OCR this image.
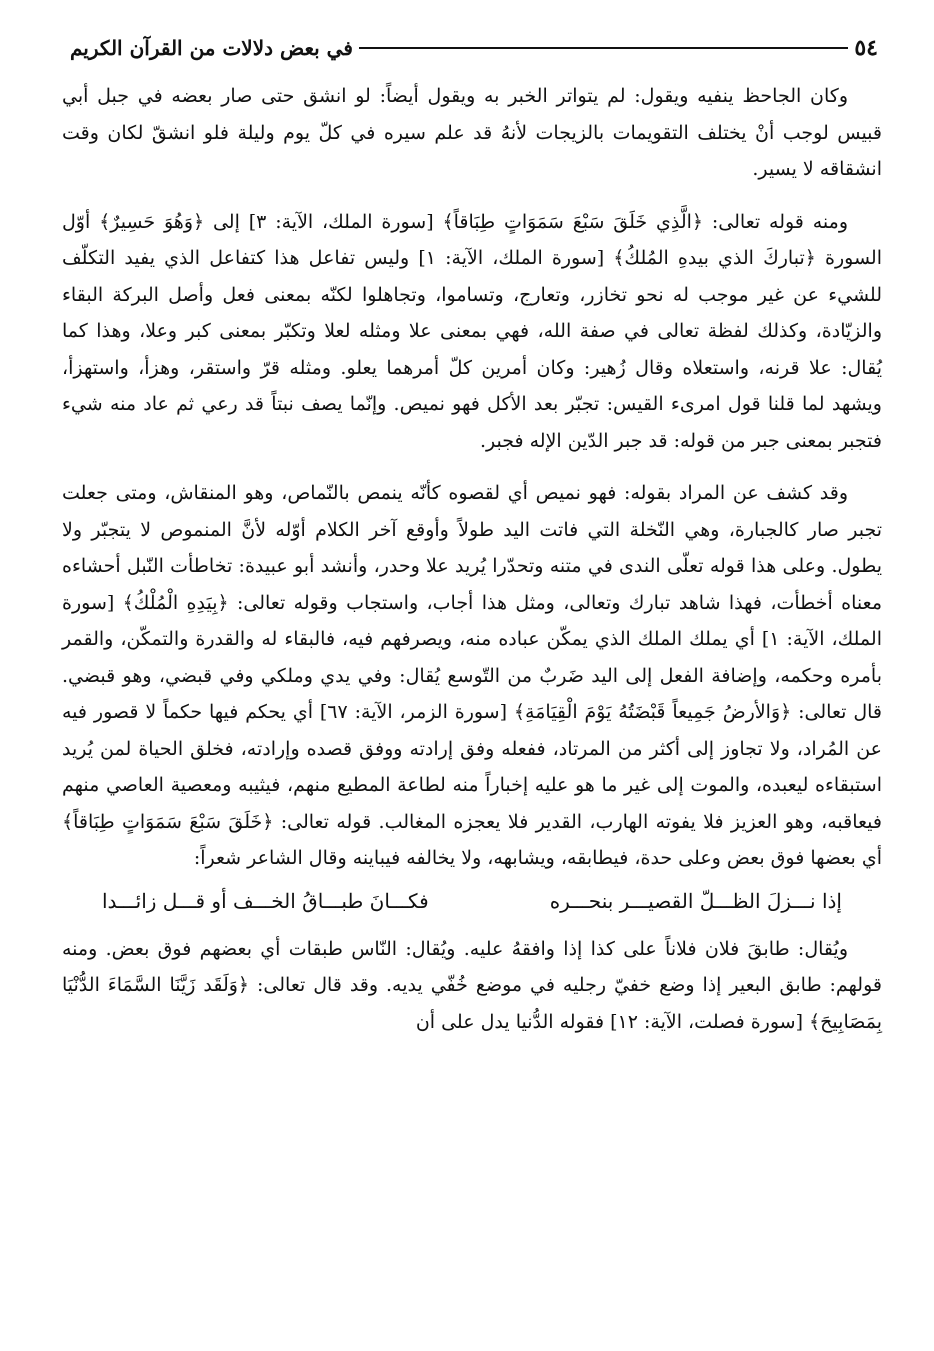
٥٤
في بعض دلالات من القرآن الكريم

وكان الجاحظ ينفيه ويقول: لم يتواتر الخبر به ويقول أيضاً: لو انشق حتى صار بعضه في جبل أبي قبيس لوجب أنْ يختلف التقويمات بالزيجات لأنهُ قد علم سيره في كلّ يوم وليلة فلو انشقّ لكان وقت انشقاقه لا يسير.

ومنه قوله تعالى: ﴿الَّذِي خَلَقَ سَبْعَ سَمَوَاتٍ طِبَاقاً﴾ [سورة الملك، الآية: ٣] إلى ﴿وَهُوَ حَسِيرٌ﴾ أوّل السورة ﴿تباركَ الذي بيدهِ المُلكُ﴾ [سورة الملك، الآية: ١] وليس تفاعل هذا كتفاعل الذي يفيد التكلّف للشيء عن غير موجب له نحو تخازر، وتعارج، وتساموا، وتجاهلوا لكنّه بمعنى فعل وأصل البركة البقاء والزيّادة، وكذلك لفظة تعالى في صفة الله، فهي بمعنى علا ومثله لعلا وتكبّر بمعنى كبر وعلا، وهذا كما يُقال: علا قرنه، واستعلاه وقال زُهير: وكان أمرين كلّ أمرهما يعلو. ومثله قرّ واستقر، وهزأ، واستهزأ، ويشهد لما قلنا قول امرىء القيس: تجبّر بعد الأكل فهو نميص. وإنّما يصف نبتاً قد رعي ثم عاد منه شيء فتجبر بمعنى جبر من قوله: قد جبر الدّين الإله فجبر.

وقد كشف عن المراد بقوله: فهو نميص أي لقصوه كأنّه ينمص بالنّماص، وهو المنقاش، ومتى جعلت تجبر صار كالجبارة، وهي النّخلة التي فاتت اليد طولاً وأوقع آخر الكلام أوّله لأنَّ المنموص لا يتجبّر ولا يطول. وعلى هذا قوله تعلّى الندى في متنه وتحدّرا يُريد علا وحدر، وأنشد أبو عبيدة: تخاطأت النّبل أحشاءه معناه أخطأت، فهذا شاهد تبارك وتعالى، ومثل هذا أجاب، واستجاب وقوله تعالى: ﴿بِيَدِهِ الْمُلْكُ﴾ [سورة الملك، الآية: ١] أي يملك الملك الذي يمكّن عباده منه، ويصرفهم فيه، فالبقاء له والقدرة والتمكّن، والقمر بأمره وحكمه، وإضافة الفعل إلى اليد ضَربٌ من التّوسع يُقال: وفي يدي وملكي وفي قبضي، وهو قبضي. قال تعالى: ﴿وَالأرضُ جَمِيعاً قَبْضَتُهُ يَوْمَ الْقِيَامَةِ﴾ [سورة الزمر، الآية: ٦٧] أي يحكم فيها حكماً لا قصور فيه عن المُراد، ولا تجاوز إلى أكثر من المرتاد، ففعله وفق إرادته ووفق قصده وإرادته، فخلق الحياة لمن يُريد استبقاءه ليعبده، والموت إلى غير ما هو عليه إخباراً منه لطاعة المطيع منهم، فيثيبه ومعصية العاصي منهم فيعاقبه، وهو العزيز فلا يفوته الهارب، القدير فلا يعجزه المغالب. قوله تعالى: ﴿خَلَقَ سَبْعَ سَمَوَاتٍ طِبَاقاً﴾ أي بعضها فوق بعض وعلى حدة، فيطابقه، ويشابهه، ولا يخالفه فيباينه وقال الشاعر شعراً:

إذا نـــزلَ الظـــلّ القصيـــر بنحـــره
فكـــانَ طبـــاقُ الخـــف أو قـــل زائـــدا

ويُقال: طابقَ فلان فلاناً على كذا إذا وافقهُ عليه. ويُقال: النّاس طبقات أي بعضهم فوق بعض. ومنه قولهم: طابق البعير إذا وضع خفيّ رجليه في موضع خُفّي يديه. وقد قال تعالى: ﴿وَلَقَد زَيَّنَا السَّمَاءَ الدُّنْيَا بِمَصَابِيحَ﴾ [سورة فصلت، الآية: ١٢] فقوله الدُّنيا يدل على أن
